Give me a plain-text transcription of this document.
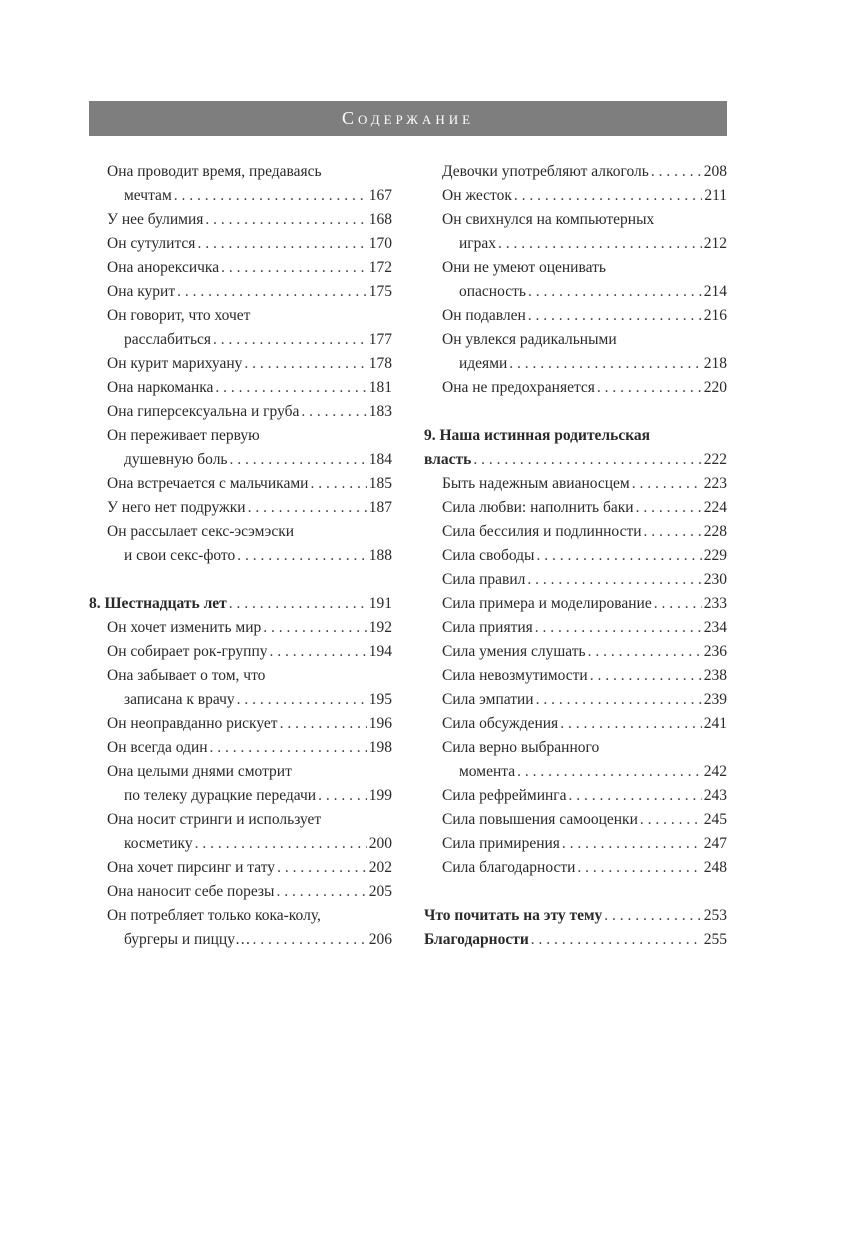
Содержание
Она проводит время, предаваясь
мечтам . . .	167
У нее булимия . . .	168
Он сутулится . . .	170
Она анорексичка . . .	172
Она курит . . .	175
Он говорит, что хочет
расслабиться . . .	177
Он курит марихуану . . .	178
Она наркоманка . . .	181
Она гиперсексуальна и груба . . .	183
Он переживает первую
душевную боль . . .	184
Она встречается с мальчиками . . .	185
У него нет подружки . . .	187
Он рассылает секс-эсэмэски
и свои секс-фото . . .	188
8. Шестнадцать лет . . .	191
Он хочет изменить мир . . .	192
Он собирает рок-группу . . .	194
Она забывает о том, что
записана к врачу . . .	195
Он неоправданно рискует . . .	196
Он всегда один . . .	198
Она целыми днями смотрит
по телеку дурацкие передачи . . .	199
Она носит стринги и использует
косметику . . .	200
Она хочет пирсинг и тату . . .	202
Она наносит себе порезы . . .	205
Он потребляет только кока-колу,
бургеры и пиццу… . . .	206
Девочки употребляют алкоголь . . .	208
Он жесток . . .	211
Он свихнулся на компьютерных
играх . . .	212
Они не умеют оценивать
опасность . . .	214
Он подавлен . . .	216
Он увлекся радикальными
идеями . . .	218
Она не предохраняется . . .	220
9. Наша истинная родительская
власть . . .	222
Быть надежным авианосцем . . .	223
Сила любви: наполнить баки . . .	224
Сила бессилия и подлинности . . .	228
Сила свободы . . .	229
Сила правил . . .	230
Сила примера и моделирование . . .	233
Сила приятия . . .	234
Сила умения слушать . . .	236
Сила невозмутимости . . .	238
Сила эмпатии . . .	239
Сила обсуждения . . .	241
Сила верно выбранного
момента . . .	242
Сила рефрейминга . . .	243
Сила повышения самооценки . . .	245
Сила примирения . . .	247
Сила благодарности . . .	248
Что почитать на эту тему . . .	253
Благодарности . . .	255
